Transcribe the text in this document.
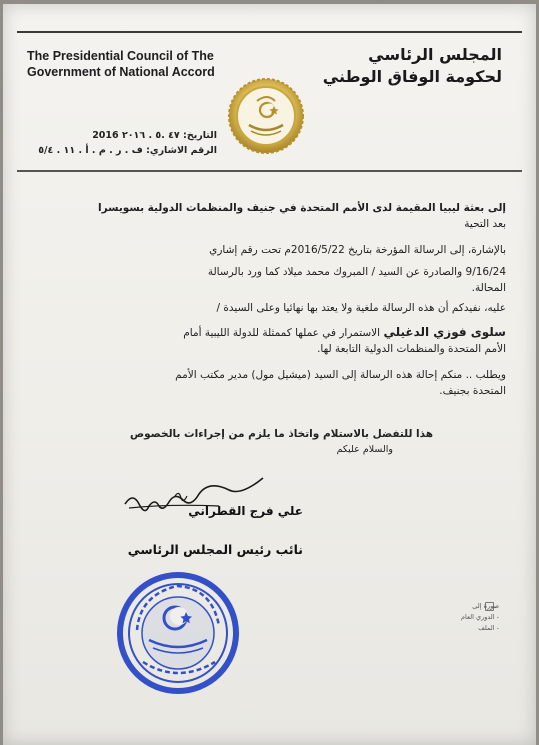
The Presidential Council of The
Government of National Accord
المجلس الرئاسي
لحكومة الوفاق الوطني
التاريخ: ٤٧ .٥ . ٢٠١٦ 2016
الرقم الاشاري: ف . ر . م . أ . ١١ . ٥/٤
إلى بعثة ليبيا المقيمة لدى الأمم المتحدة في جنيف والمنظمات الدولية بسويسرا
بعد التحية
بالإشارة، إلى الرسالة المؤرخة بتاريخ 2016/5/22م تحت رقم إشاري
9/16/24 والصادرة عن السيد / المبروك محمد ميلاد كما ورد بالرسالة
المحالة.
عليه، نفيدكم أن هذه الرسالة ملغية ولا يعتد بها نهائيا وعلى السيدة /
سلوى فوزي الدغيلي الاستمرار في عملها كممثلة للدولة الليبية أمام
الأمم المتحدة والمنظمات الدولية التابعة لها.
ويطلب .. منكم إحالة هذه الرسالة إلى السيد (ميشيل مول) مدير مكتب الأمم
المتحدة بجنيف.
هذا للتفضل بالاستلام واتخاذ ما يلزم من إجراءات بالخصوص
والسلام عليكم
علي فرج القطراني
نائب رئيس المجلس الرئاسي
صورة إلى
- الدوري العام
- الملف
